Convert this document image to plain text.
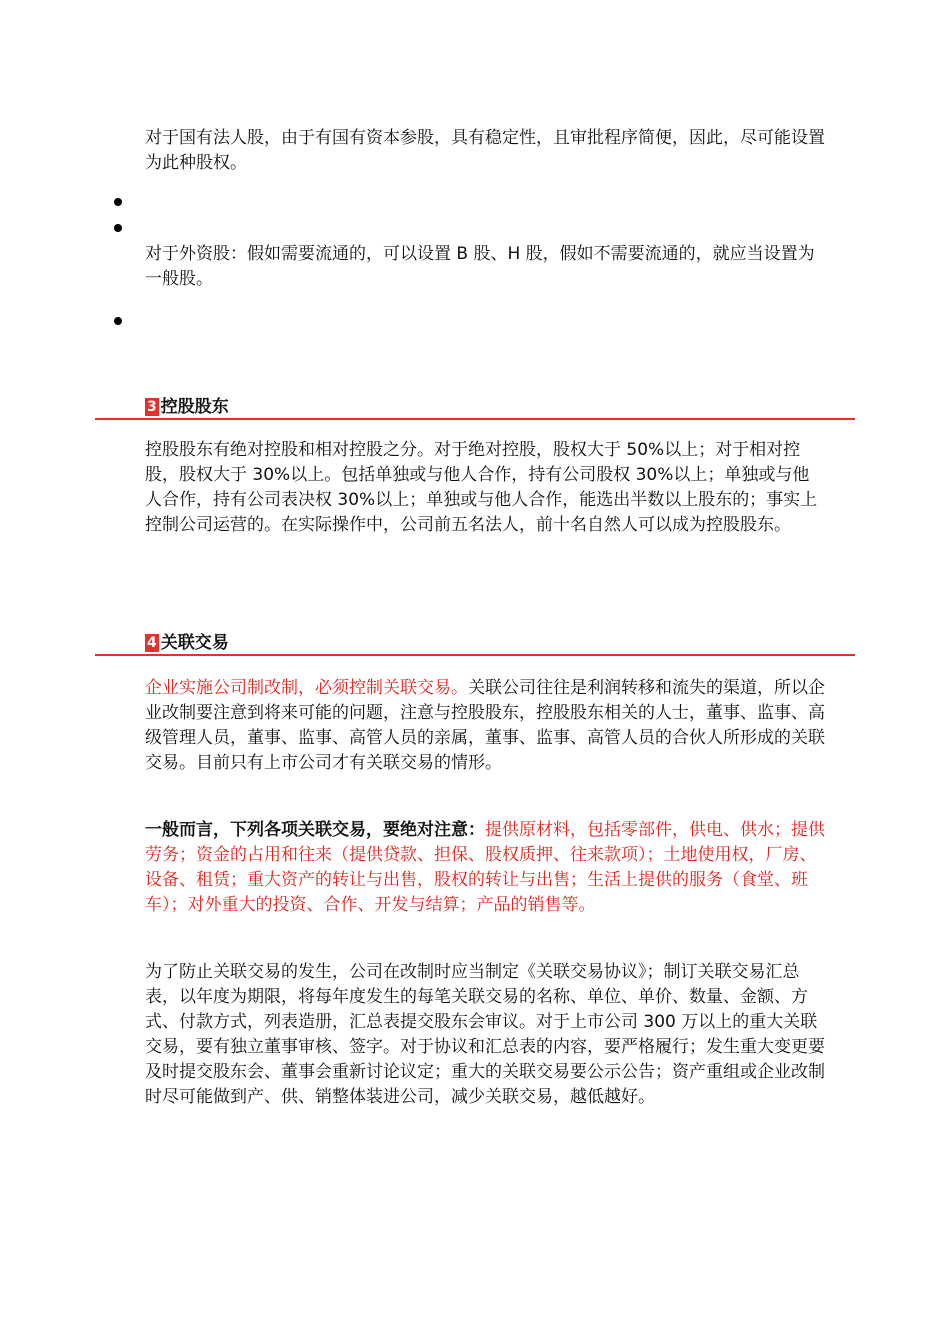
对于国有法人股，由于有国有资本参股，具有稳定性，且审批程序简便，因此，尽可能设置为此种股权。

对于外资股：假如需要流通的，可以设置 B 股、H 股，假如不需要流通的，就应当设置为一般股。

3 控股股东

控股股东有绝对控股和相对控股之分。对于绝对控股，股权大于 50%以上；对于相对控股，股权大于 30%以上。包括单独或与他人合作，持有公司股权 30%以上；单独或与他人合作，持有公司表决权 30%以上；单独或与他人合作，能选出半数以上股东的；事实上控制公司运营的。在实际操作中，公司前五名法人，前十名自然人可以成为控股股东。

4 关联交易

企业实施公司制改制，必须控制关联交易。关联公司往往是利润转移和流失的渠道，所以企业改制要注意到将来可能的问题，注意与控股股东，控股股东相关的人士，董事、监事、高级管理人员，董事、监事、高管人员的亲属，董事、监事、高管人员的合伙人所形成的关联交易。目前只有上市公司才有关联交易的情形。

一般而言，下列各项关联交易，要绝对注意：提供原材料，包括零部件，供电、供水；提供劳务；资金的占用和往来（提供贷款、担保、股权质押、往来款项）；土地使用权，厂房、设备、租赁；重大资产的转让与出售，股权的转让与出售；生活上提供的服务（食堂、班车）；对外重大的投资、合作、开发与结算；产品的销售等。

为了防止关联交易的发生，公司在改制时应当制定《关联交易协议》；制订关联交易汇总表，以年度为期限，将每年度发生的每笔关联交易的名称、单位、单价、数量、金额、方式、付款方式，列表造册，汇总表提交股东会审议。对于上市公司 300 万以上的重大关联交易，要有独立董事审核、签字。对于协议和汇总表的内容，要严格履行；发生重大变更要及时提交股东会、董事会重新讨论议定；重大的关联交易要公示公告；资产重组或企业改制时尽可能做到产、供、销整体装进公司，减少关联交易，越低越好。
